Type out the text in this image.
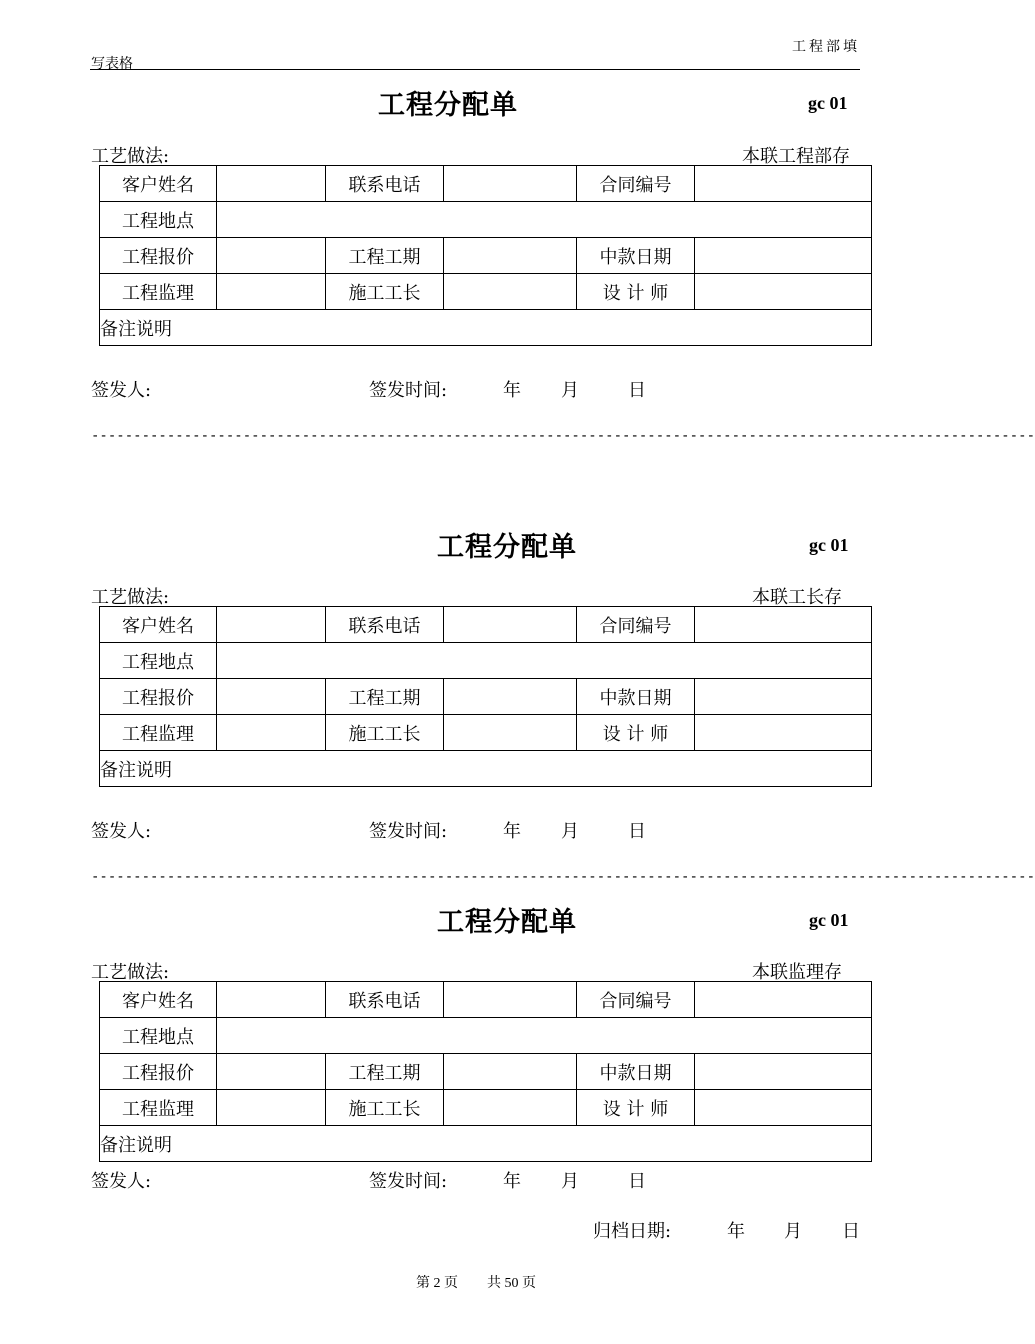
工程部填
写表格
工程分配单	gc 01
工艺做法:	本联工程部存
客户姓名		联系电话		合同编号	
工程地点					
工程报价		工程工期		中款日期	
工程监理		施工工长		设 计 师	
备注说明					
签发人:	签发时间:	年 月	日
----------------------------------------------------------------------------------------------------------------
工程分配单	gc 01
工艺做法:	本联工长存
客户姓名		联系电话		合同编号	
工程地点					
工程报价		工程工期		中款日期	
工程监理		施工工长		设 计 师	
备注说明					
签发人:	签发时间:	年 月	日
----------------------------------------------------------------------------------------------------------------
工程分配单	gc 01
工艺做法:	本联监理存
客户姓名		联系电话		合同编号	
工程地点					
工程报价		工程工期		中款日期	
工程监理		施工工长		设 计 师	
备注说明					
签发人:	签发时间:	年 月	日
归档日期:	年 月 日
第 2 页 共 50 页
